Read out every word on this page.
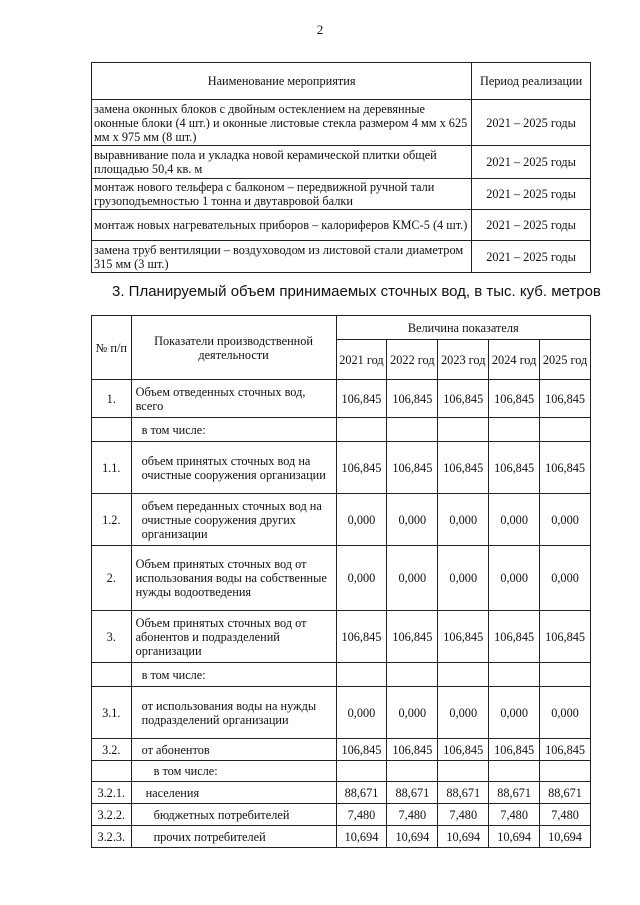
2
Наименование мероприятия	Период реализации
замена оконных блоков с двойным остеклением на деревянные оконные блоки (4 шт.) и оконные листовые стекла размером 4 мм х 625 мм х 975 мм (8 шт.)	2021 – 2025 годы
выравнивание пола и укладка новой керамической плитки общей площадью 50,4 кв. м	2021 – 2025 годы
монтаж нового тельфера с балконом – передвижной ручной тали грузоподъемностью 1 тонна и двутавровой балки	2021 – 2025 годы
монтаж новых нагревательных приборов – калориферов КМС-5 (4 шт.)	2021 – 2025 годы
замена труб вентиляции – воздуховодом из листовой стали диаметром 315 мм (3 шт.)	2021 – 2025 годы
3. Планируемый объем принимаемых сточных вод, в тыс. куб. метров
№ п/п	Показатели производственной деятельности	Величина показателя				
		2021 год	2022 год	2023 год	2024 год	2025 год
1.	Объем отведенных сточных вод, всего	106,845	106,845	106,845	106,845	106,845
	в том числе:					
1.1.	объем принятых сточных вод на очистные сооружения организации	106,845	106,845	106,845	106,845	106,845
1.2.	объем переданных сточных вод на очистные сооружения других организации	0,000	0,000	0,000	0,000	0,000
2.	Объем принятых сточных вод от использования воды на собственные нужды водоотведения	0,000	0,000	0,000	0,000	0,000
3.	Объем принятых сточных вод от абонентов и подразделений организации	106,845	106,845	106,845	106,845	106,845
	в том числе:					
3.1.	от использования воды на нужды подразделений организации	0,000	0,000	0,000	0,000	0,000
3.2.	от абонентов	106,845	106,845	106,845	106,845	106,845
	в том числе:					
3.2.1.	населения	88,671	88,671	88,671	88,671	88,671
3.2.2.	бюджетных потребителей	7,480	7,480	7,480	7,480	7,480
3.2.3.	прочих потребителей	10,694	10,694	10,694	10,694	10,694
